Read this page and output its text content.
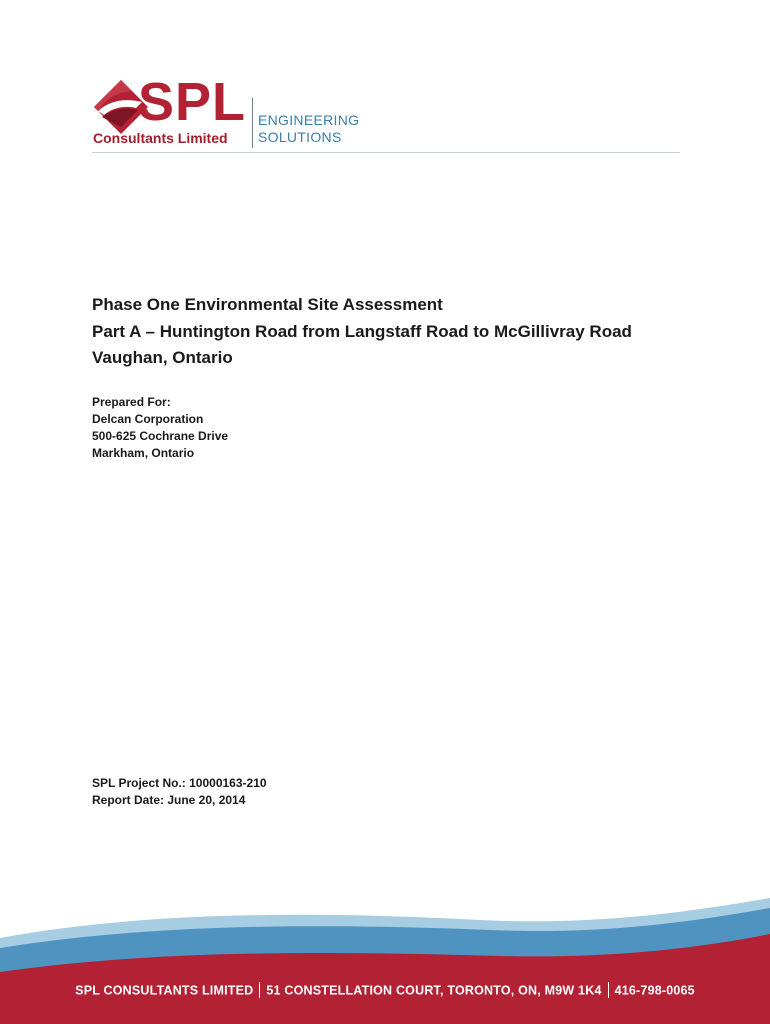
SPL
Consultants Limited
ENGINEERING
SOLUTIONS
Phase One Environmental Site Assessment
Part A – Huntington Road from Langstaff Road to McGillivray Road
Vaughan, Ontario
Prepared For:
Delcan Corporation
500-625 Cochrane Drive
Markham, Ontario
SPL Project No.: 10000163-210
Report Date: June 20, 2014
SPL CONSULTANTS LIMITED 51 CONSTELLATION COURT, TORONTO, ON, M9W 1K4 416-798-0065
